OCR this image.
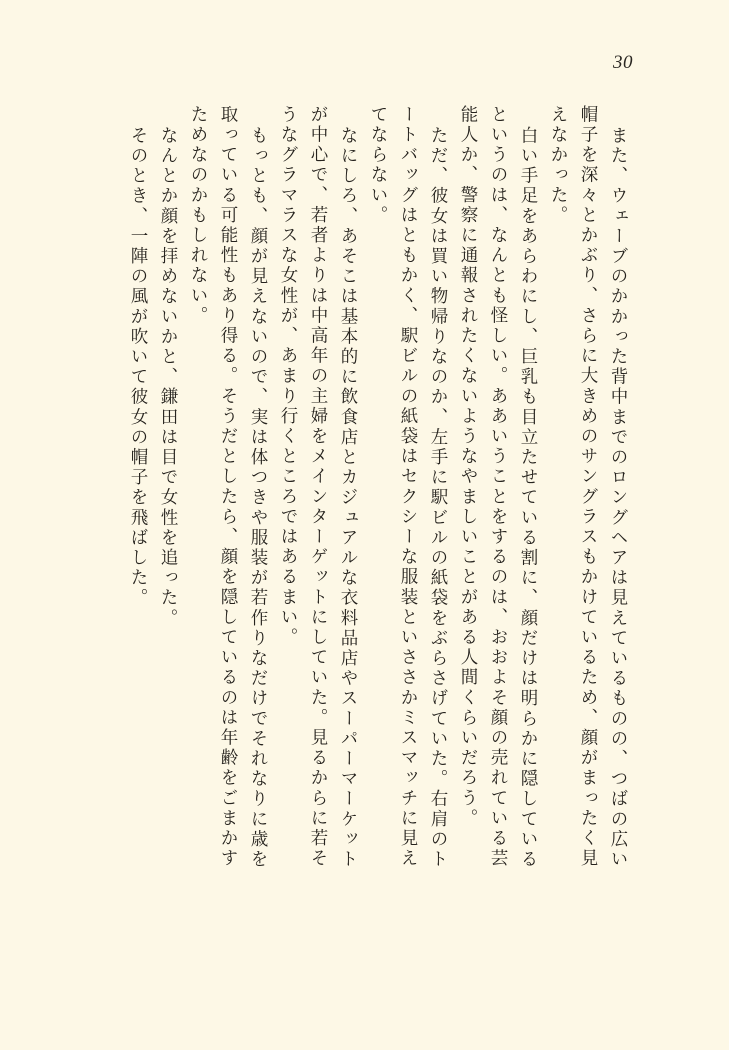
30
また、ウェーブのかかった背中までのロングヘアは見えているものの、つばの広い
帽子を深々とかぶり、さらに大きめのサングラスもかけているため、顔がまったく見
えなかった。
白い手足をあらわにし、巨乳も目立たせている割に、顔だけは明らかに隠している
というのは、なんとも怪しい。ああいうことをするのは、おおよそ顔の売れている芸
能人か、警察に通報されたくないようなやましいことがある人間くらいだろう。
ただ、彼女は買い物帰りなのか、左手に駅ビルの紙袋をぶらさげていた。右肩のト
ートバッグはともかく、駅ビルの紙袋はセクシーな服装といささかミスマッチに見え
てならない。
なにしろ、あそこは基本的に飲食店とカジュアルな衣料品店やスーパーマーケット
が中心で、若者よりは中高年の主婦をメインターゲットにしていた。見るからに若そ
うなグラマラスな女性が、あまり行くところではあるまい。
もっとも、顔が見えないので、実は体つきや服装が若作りなだけでそれなりに歳を
取っている可能性もあり得る。そうだとしたら、顔を隠しているのは年齢をごまかす
ためなのかもしれない。
なんとか顔を拝めないかと、鎌田は目で女性を追った。
そのとき、一陣の風が吹いて彼女の帽子を飛ばした。
